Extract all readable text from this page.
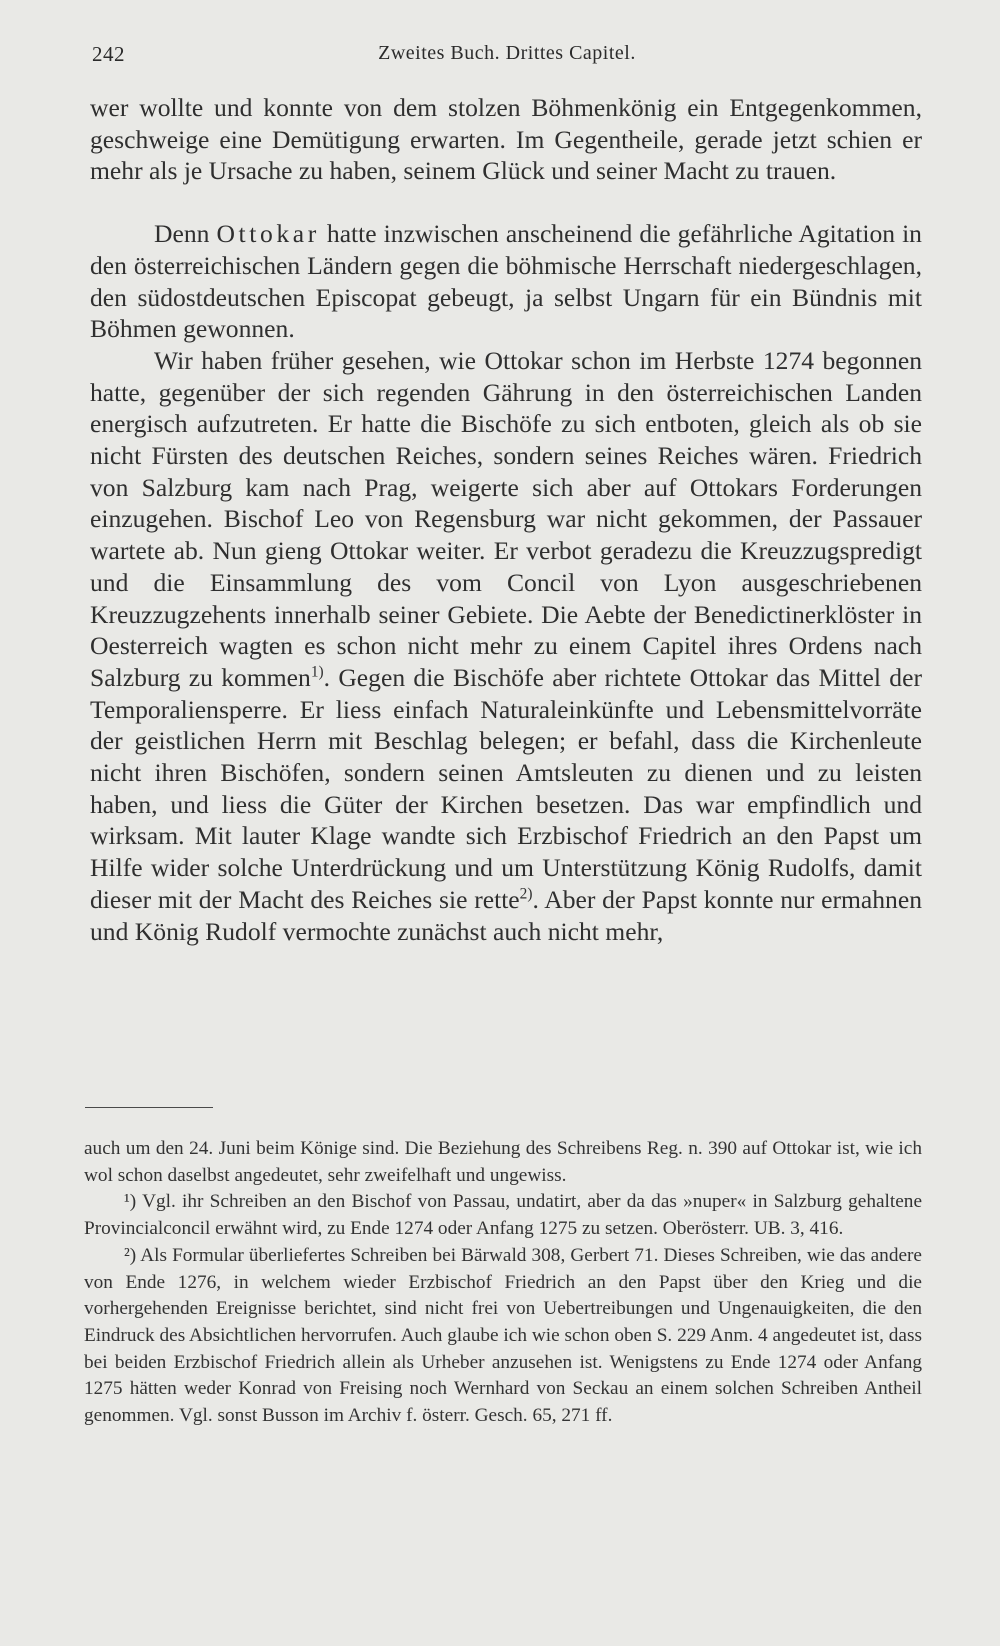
242	Zweites Buch. Drittes Capitel.

wer wollte und konnte von dem stolzen Böhmenkönig ein Entgegenkommen, geschweige eine Demütigung erwarten. Im Gegentheile, gerade jetzt schien er mehr als je Ursache zu haben, seinem Glück und seiner Macht zu trauen.

Denn Ottokar hatte inzwischen anscheinend die gefährliche Agitation in den österreichischen Ländern gegen die böhmische Herrschaft niedergeschlagen, den südostdeutschen Episcopat gebeugt, ja selbst Ungarn für ein Bündnis mit Böhmen gewonnen.

Wir haben früher gesehen, wie Ottokar schon im Herbste 1274 begonnen hatte, gegenüber der sich regenden Gährung in den österreichischen Landen energisch aufzutreten. Er hatte die Bischöfe zu sich entboten, gleich als ob sie nicht Fürsten des deutschen Reiches, sondern seines Reiches wären. Friedrich von Salzburg kam nach Prag, weigerte sich aber auf Ottokars Forderungen einzugehen. Bischof Leo von Regensburg war nicht gekommen, der Passauer wartete ab. Nun gieng Ottokar weiter. Er verbot geradezu die Kreuzzugspredigt und die Einsammlung des vom Concil von Lyon ausgeschriebenen Kreuzzugzehents innerhalb seiner Gebiete. Die Aebte der Benedictinerklöster in Oesterreich wagten es schon nicht mehr zu einem Capitel ihres Ordens nach Salzburg zu kommen$^{1)}$. Gegen die Bischöfe aber richtete Ottokar das Mittel der Temporaliensperre. Er liess einfach Naturaleinkünfte und Lebensmittelvorräte der geistlichen Herrn mit Beschlag belegen; er befahl, dass die Kirchenleute nicht ihren Bischöfen, sondern seinen Amtsleuten zu dienen und zu leisten haben, und liess die Güter der Kirchen besetzen. Das war empfindlich und wirksam. Mit lauter Klage wandte sich Erzbischof Friedrich an den Papst um Hilfe wider solche Unterdrückung und um Unterstützung König Rudolfs, damit dieser mit der Macht des Reiches sie rette$^{2)}$. Aber der Papst konnte nur ermahnen und König Rudolf vermochte zunächst auch nicht mehr,

auch um den 24. Juni beim Könige sind. Die Beziehung des Schreibens Reg. n. 390 auf Ottokar ist, wie ich wol schon daselbst angedeutet, sehr zweifelhaft und ungewiss.

¹) Vgl. ihr Schreiben an den Bischof von Passau, undatirt, aber da das »nuper« in Salzburg gehaltene Provincialconcil erwähnt wird, zu Ende 1274 oder Anfang 1275 zu setzen. Oberösterr. UB. 3, 416.

²) Als Formular überliefertes Schreiben bei Bärwald 308, Gerbert 71. Dieses Schreiben, wie das andere von Ende 1276, in welchem wieder Erzbischof Friedrich an den Papst über den Krieg und die vorhergehenden Ereignisse berichtet, sind nicht frei von Uebertreibungen und Ungenauigkeiten, die den Eindruck des Absichtlichen hervorrufen. Auch glaube ich wie schon oben S. 229 Anm. 4 angedeutet ist, dass bei beiden Erzbischof Friedrich allein als Urheber anzusehen ist. Wenigstens zu Ende 1274 oder Anfang 1275 hätten weder Konrad von Freising noch Wernhard von Seckau an einem solchen Schreiben Antheil genommen. Vgl. sonst Busson im Archiv f. österr. Gesch. 65, 271 ff.
